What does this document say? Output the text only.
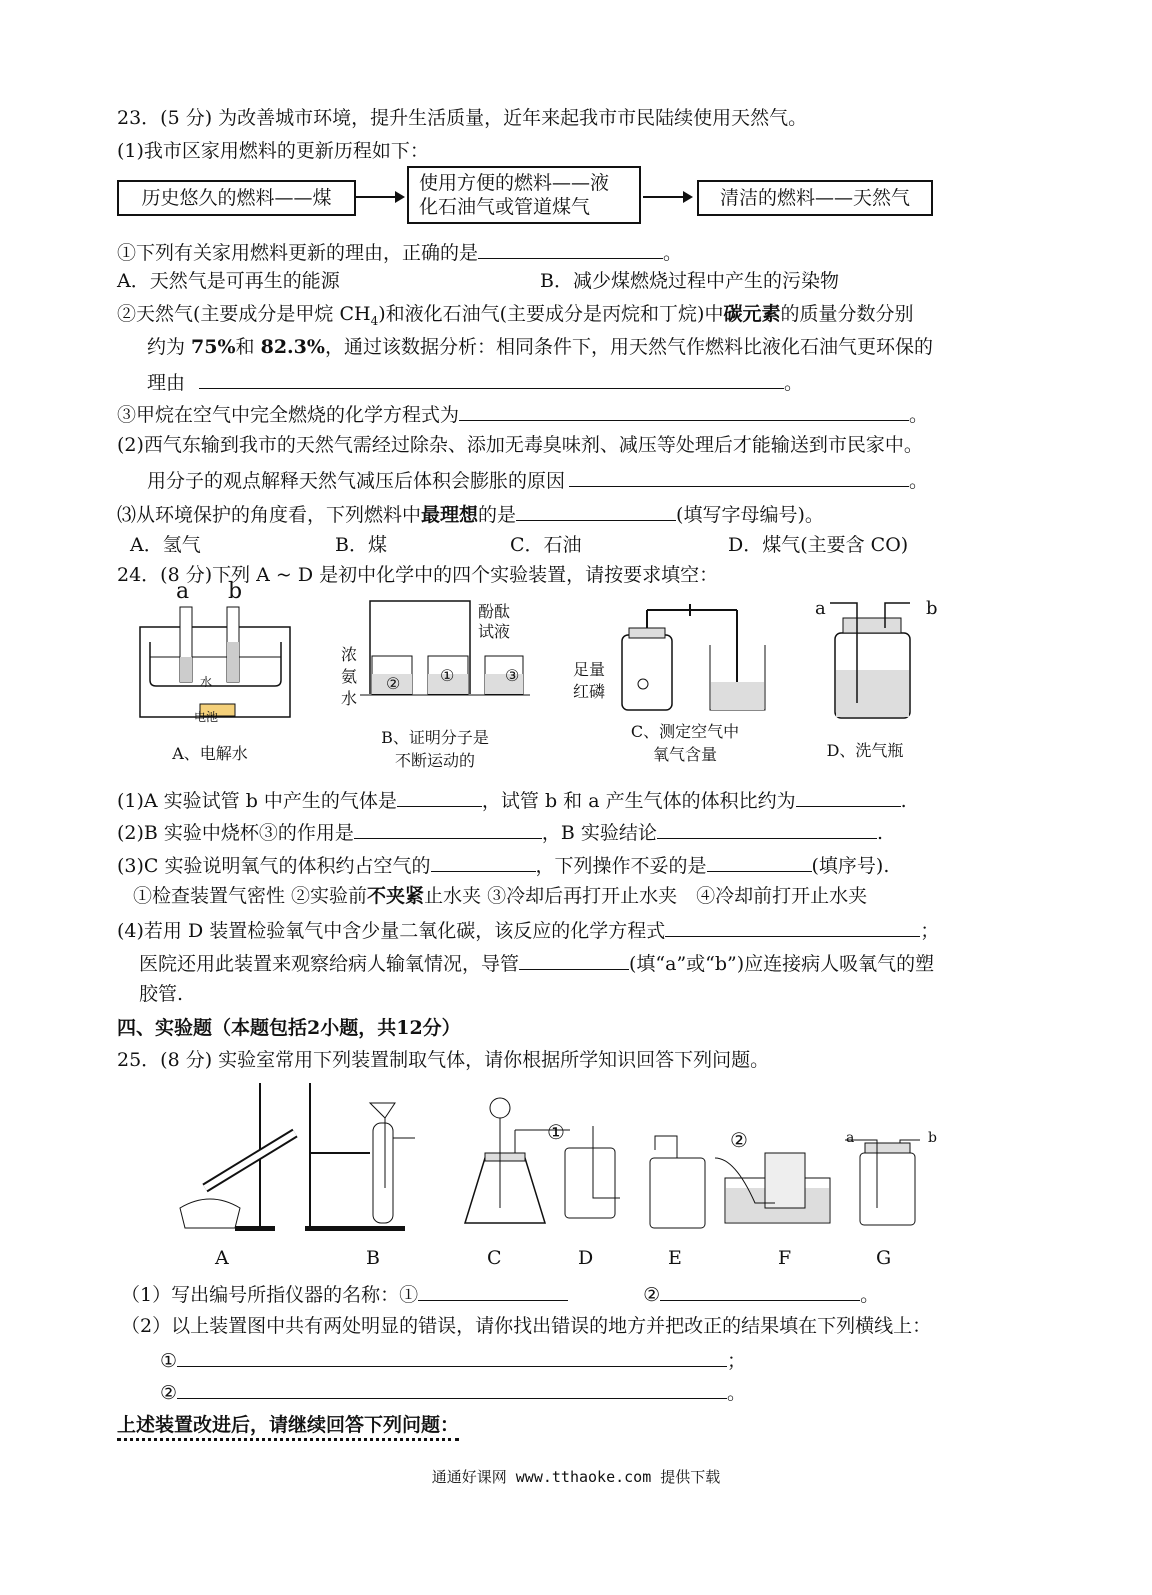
23．(5 分) 为改善城市环境，提升生活质量，近年来起我市市民陆续使用天然气。
(1)我市区家用燃料的更新历程如下：
历史悠久的燃料——煤
使用方便的燃料——液
化石油气或管道煤气	清洁的燃料——天然气
①下列有关家用燃料更新的理由，正确的是	。
A．天然气是可再生的能源	B．减少煤燃烧过程中产生的污染物
②天然气(主要成分是甲烷 $CH_4$)和液化石油气(主要成分是丙烷和丁烷)中碳元素的质量分数分别
约为 75%和 82.3%，通过该数据分析：相同条件下，用天然气作燃料比液化石油气更环保的
理由	。
③甲烷在空气中完全燃烧的化学方程式为	。
(2)西气东输到我市的天然气需经过除杂、添加无毒臭味剂、减压等处理后才能输送到市民家中。
用分子的观点解释天然气减压后体积会膨胀的原因	。
⑶从环境保护的角度看，下列燃料中最理想的是	(填写字母编号)。
A．氢气	B．煤	C．石油	D．煤气(主要含 CO)
24．(8 分)下列 A ~ D 是初中化学中的四个实验装置，请按要求填空：
a b
水
电池
A、电解水
② ①	③
浓
氨
水
酚酞
试液
B、证明分子是
不断运动的
足量
红磷
C、测定空气中
氧气含量
a	b
D、洗气瓶
(1)A 实验试管 b 中产生的气体是	，试管 b 和 a 产生气体的体积比约为	.
(2)B 实验中烧杯③的作用是	，B 实验结论	.
(3)C 实验说明氧气的体积约占空气的	，下列操作不妥的是	(填序号).
①检查装置气密性 ②实验前不夹紧止水夹 ③冷却后再打开止水夹　④冷却前打开止水夹
(4)若用 D 装置检验氧气中含少量二氧化碳，该反应的化学方程式	；
医院还用此装置来观察给病人输氧情况，导管	(填“a”或“b”)应连接病人吸氧气的塑
胶管.
四、实验题（本题包括2小题，共12分）
25．(8 分) 实验室常用下列装置制取气体，请你根据所学知识回答下列问题。
①	②	a	b
A	B	C	D	E	F	G
（1）写出编号所指仪器的名称：①	②	。
（2）以上装置图中共有两处明显的错误，请你找出错误的地方并把改正的结果填在下列横线上：
①	；
②	。
上述装置改进后，请继续回答下列问题：
通通好课网 www.tthaoke.com 提供下载
